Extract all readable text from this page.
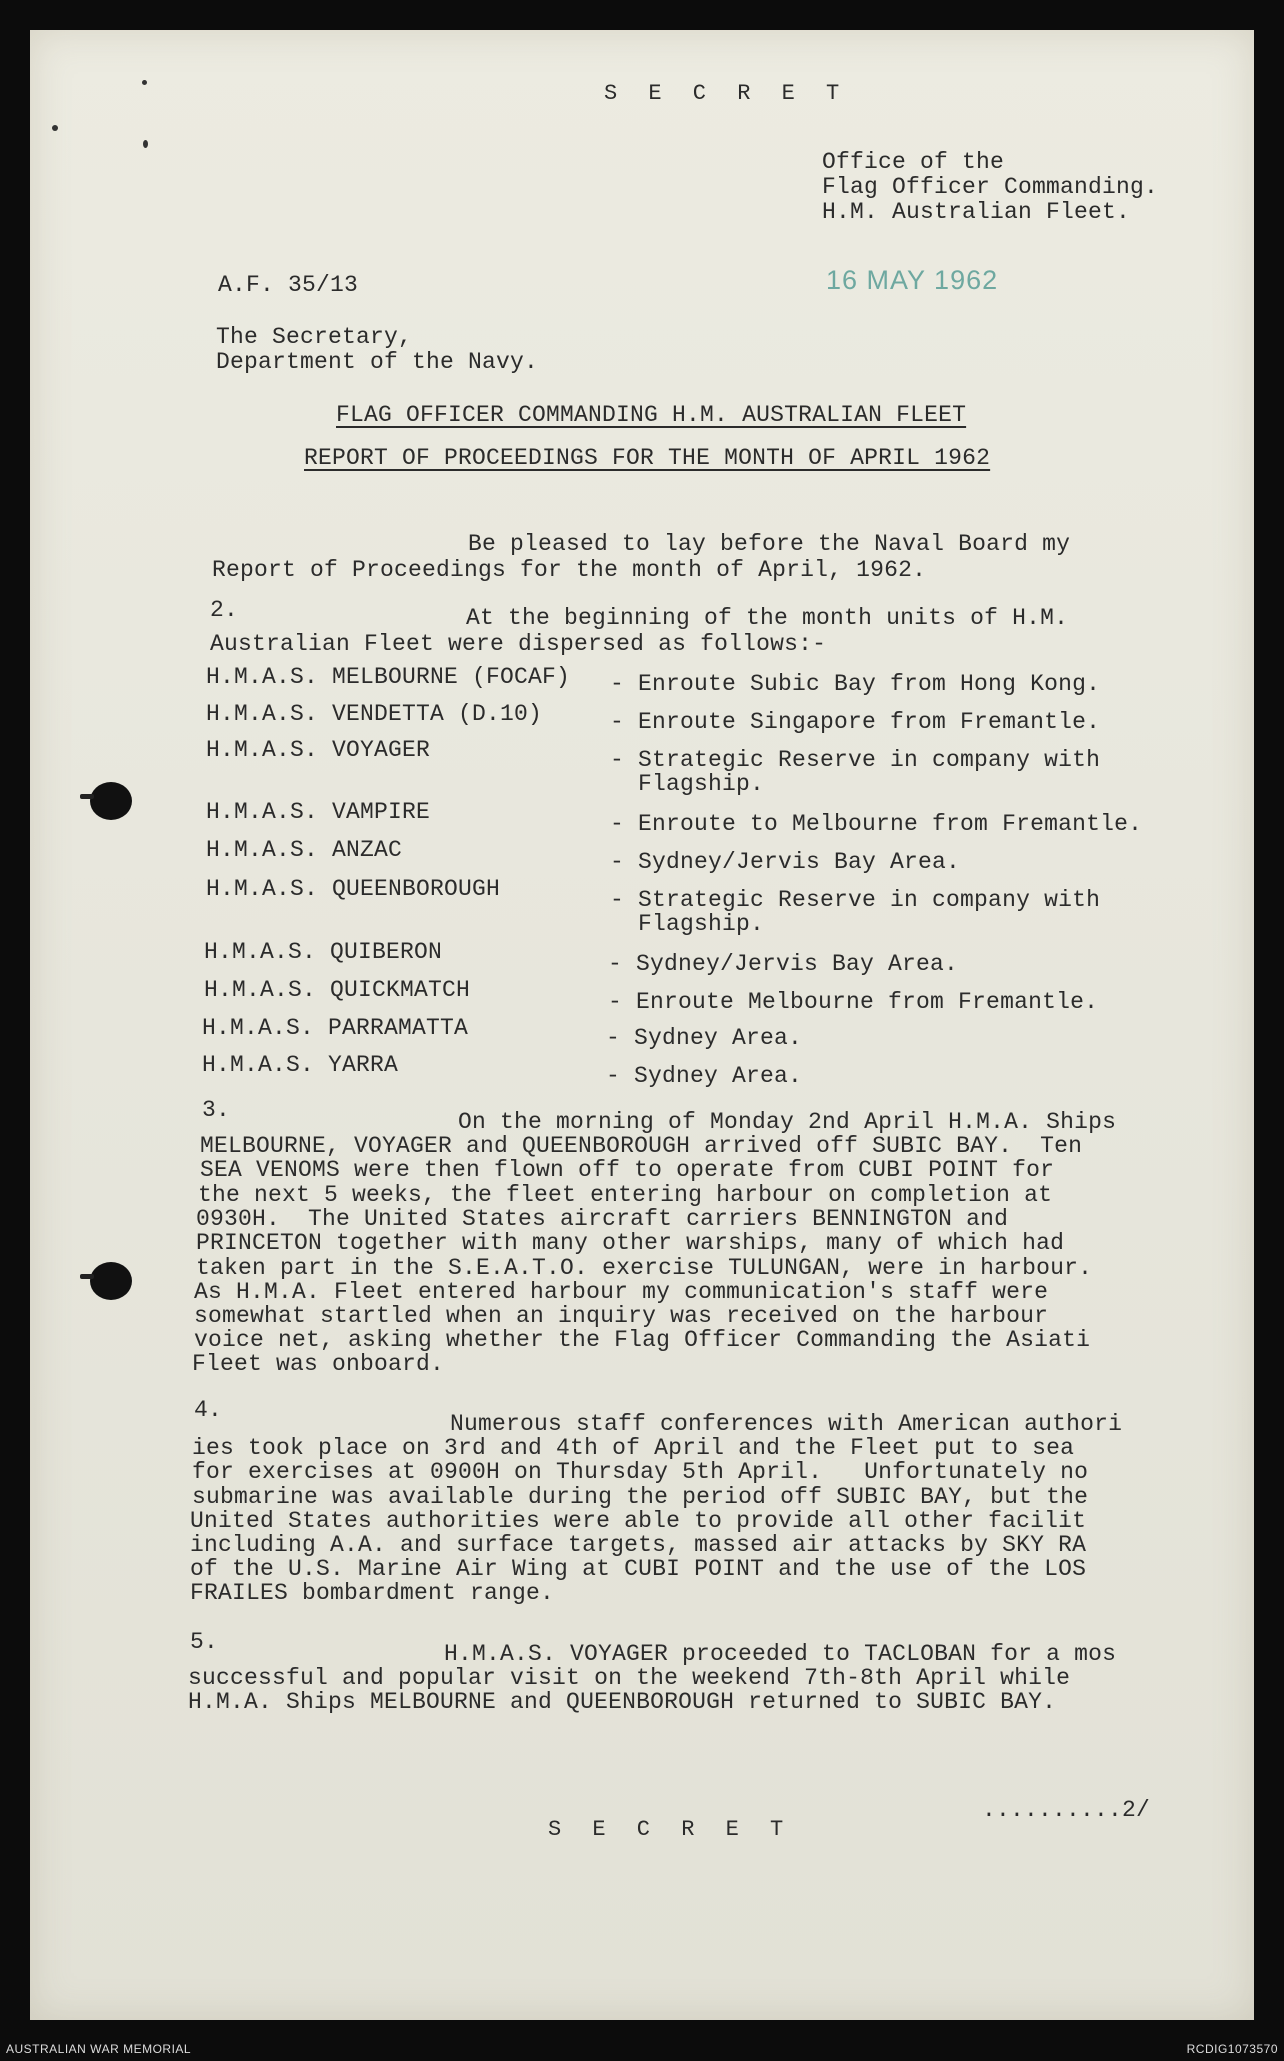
S E C R E T
Office of the
Flag Officer Commanding.
H.M. Australian Fleet.
A.F. 35/13	16 MAY 1962
The Secretary,
Department of the Navy.
FLAG OFFICER COMMANDING H.M. AUSTRALIAN FLEET
REPORT OF PROCEEDINGS FOR THE MONTH OF APRIL 1962
Be pleased to lay before the Naval Board my
Report of Proceedings for the month of April, 1962.
2.	At the beginning of the month units of H.M.
Australian Fleet were dispersed as follows:-
H.M.A.S. MELBOURNE (FOCAF) - Enroute Subic Bay from Hong Kong.
H.M.A.S. VENDETTA (D.10)	- Enroute Singapore from Fremantle.
H.M.A.S. VOYAGER	- Strategic Reserve in company with
Flagship.
H.M.A.S. VAMPIRE	- Enroute to Melbourne from Fremantle.
H.M.A.S. ANZAC	- Sydney/Jervis Bay Area.
H.M.A.S. QUEENBOROUGH	- Strategic Reserve in company with
Flagship.
H.M.A.S. QUIBERON	- Sydney/Jervis Bay Area.
H.M.A.S. QUICKMATCH	- Enroute Melbourne from Fremantle.
H.M.A.S. PARRAMATTA	- Sydney Area.
H.M.A.S. YARRA	- Sydney Area.
3.	On the morning of Monday 2nd April H.M.A. Ships
MELBOURNE, VOYAGER and QUEENBOROUGH arrived off SUBIC BAY.  Ten
SEA VENOMS were then flown off to operate from CUBI POINT for
the next 5 weeks, the fleet entering harbour on completion at
0930H.  The United States aircraft carriers BENNINGTON and
PRINCETON together with many other warships, many of which had
taken part in the S.E.A.T.O. exercise TULUNGAN, were in harbour.
As H.M.A. Fleet entered harbour my communication's staff were
somewhat startled when an inquiry was received on the harbour
voice net, asking whether the Flag Officer Commanding the Asiati
Fleet was onboard.
4.
Numerous staff conferences with American authori
ies took place on 3rd and 4th of April and the Fleet put to sea
for exercises at 0900H on Thursday 5th April.   Unfortunately no
submarine was available during the period off SUBIC BAY, but the
United States authorities were able to provide all other facilit
including A.A. and surface targets, massed air attacks by SKY RA
of the U.S. Marine Air Wing at CUBI POINT and the use of the LOS
FRAILES bombardment range.
5.	H.M.A.S. VOYAGER proceeded to TACLOBAN for a mos
successful and popular visit on the weekend 7th-8th April while
H.M.A. Ships MELBOURNE and QUEENBOROUGH returned to SUBIC BAY.
..........2/
S E C R E T
AUSTRALIAN WAR MEMORIAL	RCDIG1073570
